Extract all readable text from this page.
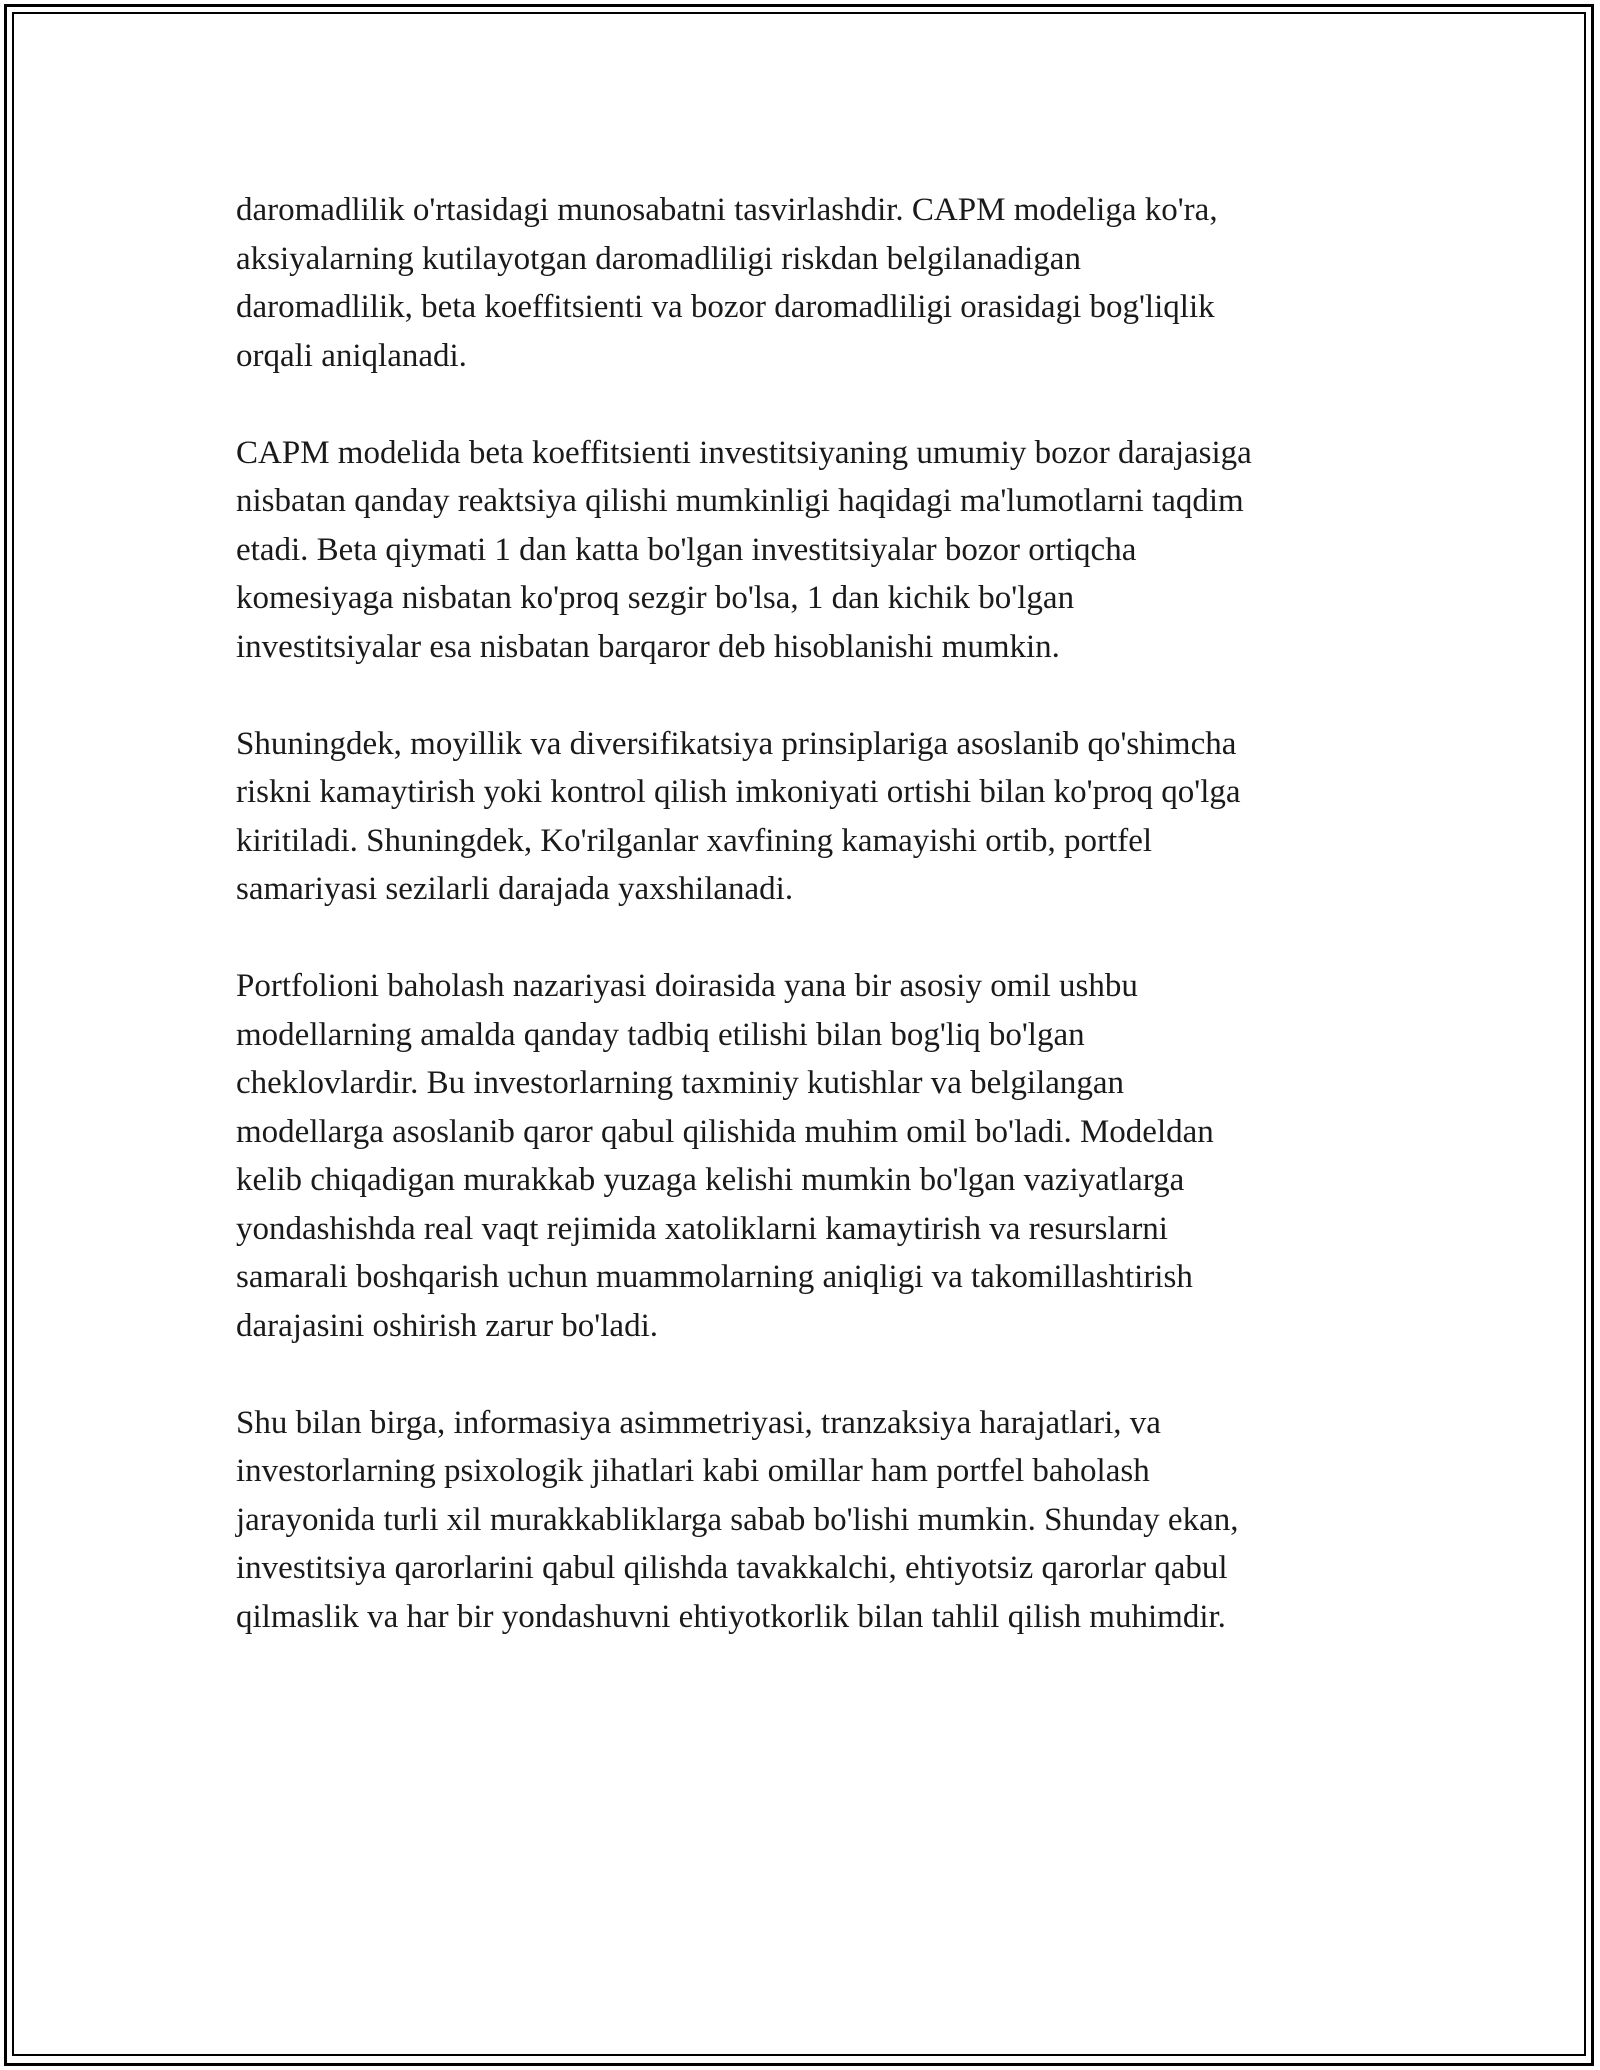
daromadlilik o'rtasidagi munosabatni tasvirlashdir. CAPM modeliga ko'ra,
aksiyalarning kutilayotgan daromadliligi riskdan belgilanadigan
daromadlilik, beta koeffitsienti va bozor daromadliligi orasidagi bog'liqlik
orqali aniqlanadi.

CAPM modelida beta koeffitsienti investitsiyaning umumiy bozor darajasiga
nisbatan qanday reaktsiya qilishi mumkinligi haqidagi ma'lumotlarni taqdim
etadi. Beta qiymati 1 dan katta bo'lgan investitsiyalar bozor ortiqcha
komesiyaga nisbatan ko'proq sezgir bo'lsa, 1 dan kichik bo'lgan
investitsiyalar esa nisbatan barqaror deb hisoblanishi mumkin.

Shuningdek, moyillik va diversifikatsiya prinsiplariga asoslanib qo'shimcha
riskni kamaytirish yoki kontrol qilish imkoniyati ortishi bilan ko'proq qo'lga
kiritiladi. Shuningdek, Ko'rilganlar xavfining kamayishi ortib, portfel
samariyasi sezilarli darajada yaxshilanadi.

Portfolioni baholash nazariyasi doirasida yana bir asosiy omil ushbu
modellarning amalda qanday tadbiq etilishi bilan bog'liq bo'lgan
cheklovlardir. Bu investorlarning taxminiy kutishlar va belgilangan
modellarga asoslanib qaror qabul qilishida muhim omil bo'ladi. Modeldan
kelib chiqadigan murakkab yuzaga kelishi mumkin bo'lgan vaziyatlarga
yondashishda real vaqt rejimida xatoliklarni kamaytirish va resurslarni
samarali boshqarish uchun muammolarning aniqligi va takomillashtirish
darajasini oshirish zarur bo'ladi.

Shu bilan birga, informasiya asimmetriyasi, tranzaksiya harajatlari, va
investorlarning psixologik jihatlari kabi omillar ham portfel baholash
jarayonida turli xil murakkabliklarga sabab bo'lishi mumkin. Shunday ekan,
investitsiya qarorlarini qabul qilishda tavakkalchi, ehtiyotsiz qarorlar qabul
qilmaslik va har bir yondashuvni ehtiyotkorlik bilan tahlil qilish muhimdir.
